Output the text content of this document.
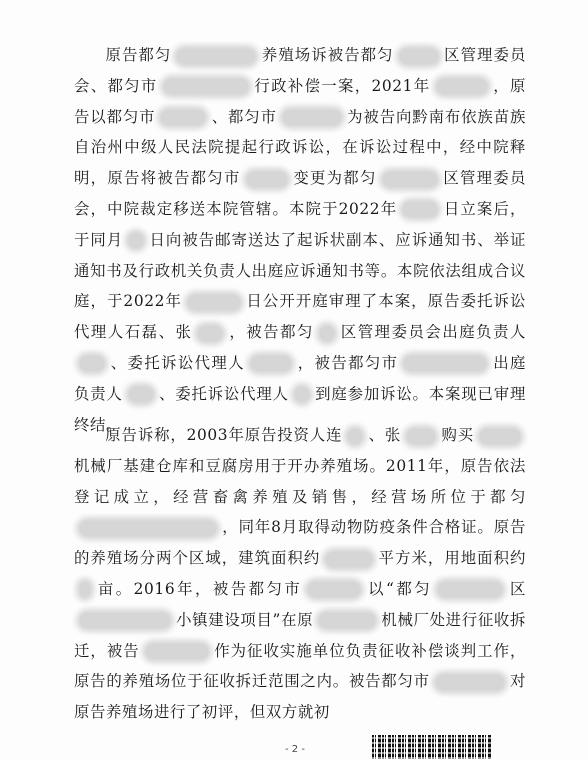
原告都匀	养殖场诉被告都匀	区管理委员会、都匀市	行政补偿一案，2021年	，原告以都匀市	、都匀市	为被告向黔南布依族苗族自治州中级人民法院提起行政诉讼，在诉讼过程中，经中院释明，原告将被告都匀市	变更为都匀	区管理委员会，中院裁定移送本院管辖。本院于2022年	日立案后，于同月 日向被告邮寄送达了起诉状副本、应诉通知书、举证通知书及行政机关负责人出庭应诉通知书等。本院依法组成合议庭，于2022年	日公开开庭审理了本案，原告委托诉讼代理人石磊、张 ，被告都匀 区管理委员会出庭负责人、委托诉讼代理人	，被告都匀市	出庭负责人 、委托诉讼代理人 到庭参加诉讼。本案现已审理终结。

原告诉称，2003年原告投资人连 、张	购买机械厂基建仓库和豆腐房用于开办养殖场。2011年，原告依法登记成立，经营畜禽养殖及销售，经营场所位于都匀，同年8月取得动物防疫条件合格证。原告的养殖场分两个区域，建筑面积约	平方米，用地面积约亩。2016年，被告都匀市	以“都匀	区小镇建设项目”在原	机械厂处进行征收拆迁，被告	作为征收实施单位负责征收补偿谈判工作，原告的养殖场位于征收拆迁范围之内。被告都匀市	对原告养殖场进行了初评，但双方就初

- 2 -
